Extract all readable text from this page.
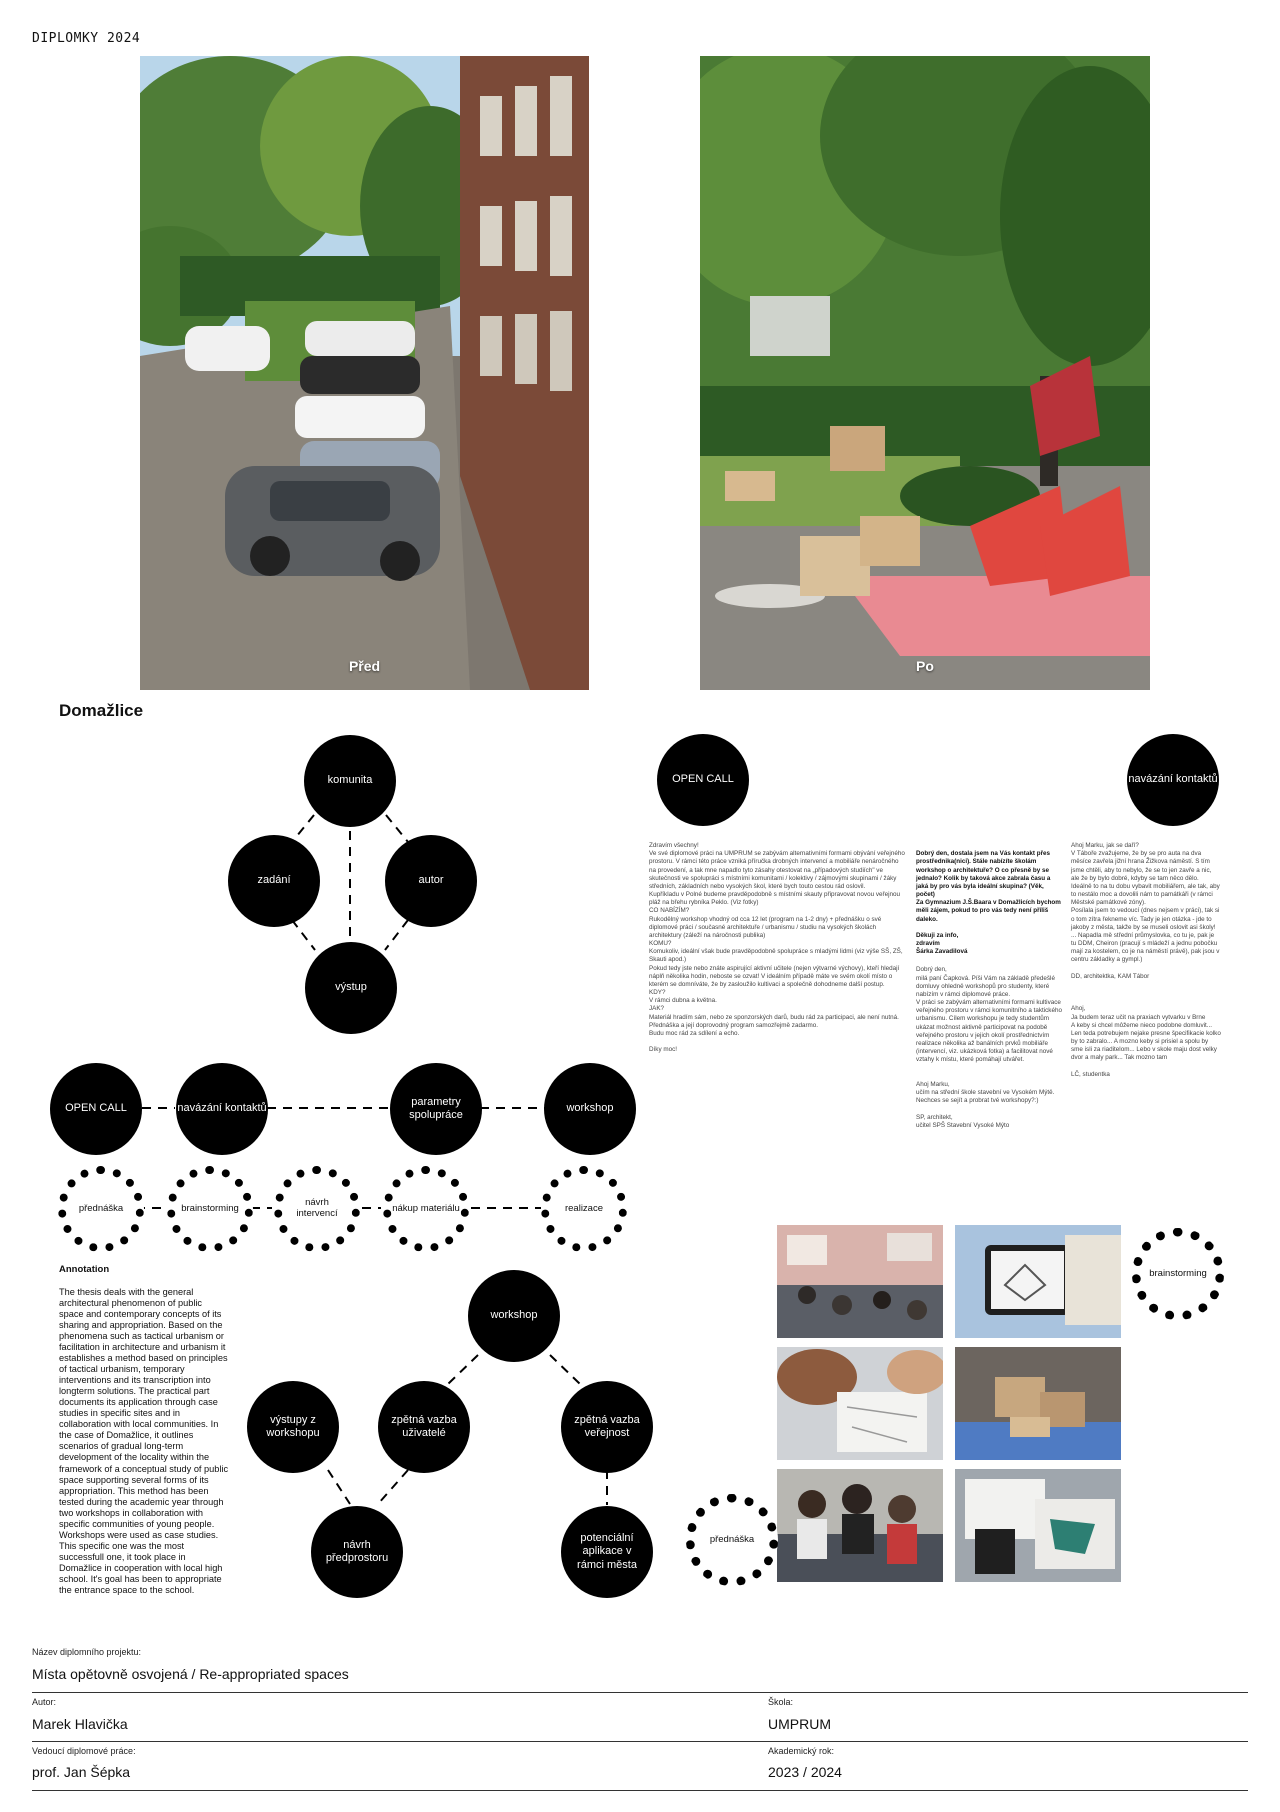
DIPLOMKY 2024
Před	Po
Domažlice
komunita
zadání	autor
výstup
OPEN CALL	navázání kontaktů
parametry spolupráce
workshop
přednáška	brainstorming	návrh intervencí	nákup materiálu	realizace
Annotation
The thesis deals with the general architectural phenomenon of public space and contemporary concepts of its sharing and appropriation. Based on the phenomena such as tactical urbanism or facilitation in architecture and urbanism it establishes a method based on principles of tactical urbanism, temporary interventions and its transcription into longterm solutions. The practical part documents its application through case studies in specific sites and in collaboration with local communities. In the case of Domažlice, it outlines scenarios of gradual long-term development of the locality within the framework of a conceptual study of public space supporting several forms of its appropriation. This method has been tested during the academic year through two workshops in collaboration with specific communities of young people. Workshops were used as case studies. This specific one was the most successfull one, it took place in Domažlice in cooperation with local high school. It's goal has been to appropriate the entrance space to the school.
workshop
výstupy z workshopu
zpětná vazba uživatelé
zpětná vazba veřejnost
návrh předprostoru
potenciální aplikace v rámci města
OPEN CALL	navázání kontaktů
Zdravím všechny!
Ve své diplomové práci na UMPRUM se zabývám alternativními formami obývání veřejného prostoru. V rámci této práce vzniká příručka drobných intervencí a mobiliáře nenáročného na provedení, a tak mne napadlo tyto zásahy otestovat na „případových studiích" ve skutečnosti ve spolupráci s místními komunitami / kolektivy / zájmovými skupinami / žáky středních, základních nebo vysokých škol, které bych touto cestou rád oslovil.
Kupříkladu v Polné budeme pravděpodobně s místními skauty připravovat novou veřejnou pláž na břehu rybníka Peklo. (Viz fotky)
CO NABÍZÍM?
Rukodělný workshop vhodný od cca 12 let (program na 1-2 dny) + přednášku o své diplomové práci / současné architektuře / urbanismu / studiu na vysokých školách architektury (záleží na náročnosti publika)
KOMU?
Komukoliv, ideální však bude pravděpodobně spolupráce s mladými lidmi (viz výše SŠ, ZŠ, Skauti apod.)
Pokud tedy jste nebo znáte aspirující aktivní učitele (nejen výtvarné výchovy), kteří hledají náplň několika hodin, neboste se ozvat! V ideálním případě máte ve svém okolí místo o kterém se domníváte, že by zasloužilo kultivaci a společně dohodneme další postup.
KDY?
V rámci dubna a května.
JAK?
Materiál hradím sám, nebo ze sponzorských darů, budu rád za participaci, ale není nutná. Přednáška a její doprovodný program samozřejmě zadarmo.
Budu moc rád za sdílení a echo.

Díky moc!

Dobrý den, dostala jsem na Vás kontakt přes prostřednika(nici). Stále nabízíte školám workshop o architektuře? O co přesně by se jednalo? Kolik by taková akce zabrala času a jaká by pro vás byla ideální skupina? (Věk, počet)
Za Gymnazium J.Š.Baara v Domažlicích bychom měli zájem, pokud to pro vás tedy není příliš daleko.

Děkuji za info,
zdravím
Šárka Zavadilová

Dobrý den,
milá paní Čapková. Píši Vám na základě předešlé domluvy ohledně workshopů pro studenty, které nabízím v rámci diplomové práce.
V práci se zabývám alternativními formami kultivace veřejného prostoru v rámci komunitního a taktického urbanismu. Cílem workshopu je tedy studentům ukázat možnost aktivně participovat na podobě veřejného prostoru v jejich okolí prostřednictvím realizace několika až banálních prvků mobiliáře (intervencí, viz. ukázková fotka) a facilitovat nové vztahy k místu, které pomáhají utvářet.

Ahoj Marku,
učím na střední škole stavební ve Vysokém Mýtě. Nechces se sejít a probrat tvé workshopy?:)

SP, architekt,
učitel SPŠ Stavební Vysoké Mýto

Ahoj Marku, jak se daří?
V Táboře zvažujeme, že by se pro auta na dva měsíce zavřela jižní hrana Žižkova náměstí. S tím jsme chtěli, aby to nebylo, že se to jen zavře a nic, ale že by bylo dobré, kdyby se tam něco dělo. Ideálně to na tu dobu vybavit mobiliářem, ale tak, aby to nestálo moc a dovolili nám to památkáři (v rámci Městské památkové zóny).
Posílala jsem to vedoucí (dnes nejsem v práci), tak si o tom zítra řekneme víc. Tady je jen otázka - jde to jakoby z města, takže by se museli oslovit asi školy! ... Napadla mě střední průmyslovka, co tu je, pak je tu DDM, Cheiron (pracují s mládeží a jednu pobočku mají za kostelem, co je na náměstí právě), pak jsou v centru základky a gympl.)

DD, architektka, KAM Tábor

Ahoj,
Ja budem teraz učit na praxiach vytvarku v Brne
A keby si chcel môžeme nieco podobne domluvit...
Len teda potrebujem nejake presne špecifikacie kolko by to zabralo... A mozno keby si prisiel a spolu by sme isli za riaditelom... Lebo v skole maju dost velky dvor a maly park... Tak mozno tam

LČ, studentka
brainstorming
přednáška
Název diplomního projektu:
Místa opětovně osvojená / Re-appropriated spaces
Autor:
Marek Hlavička
Škola:
UMPRUM
Vedoucí diplomové práce:
prof. Jan Šépka
Akademický rok:
2023 / 2024
